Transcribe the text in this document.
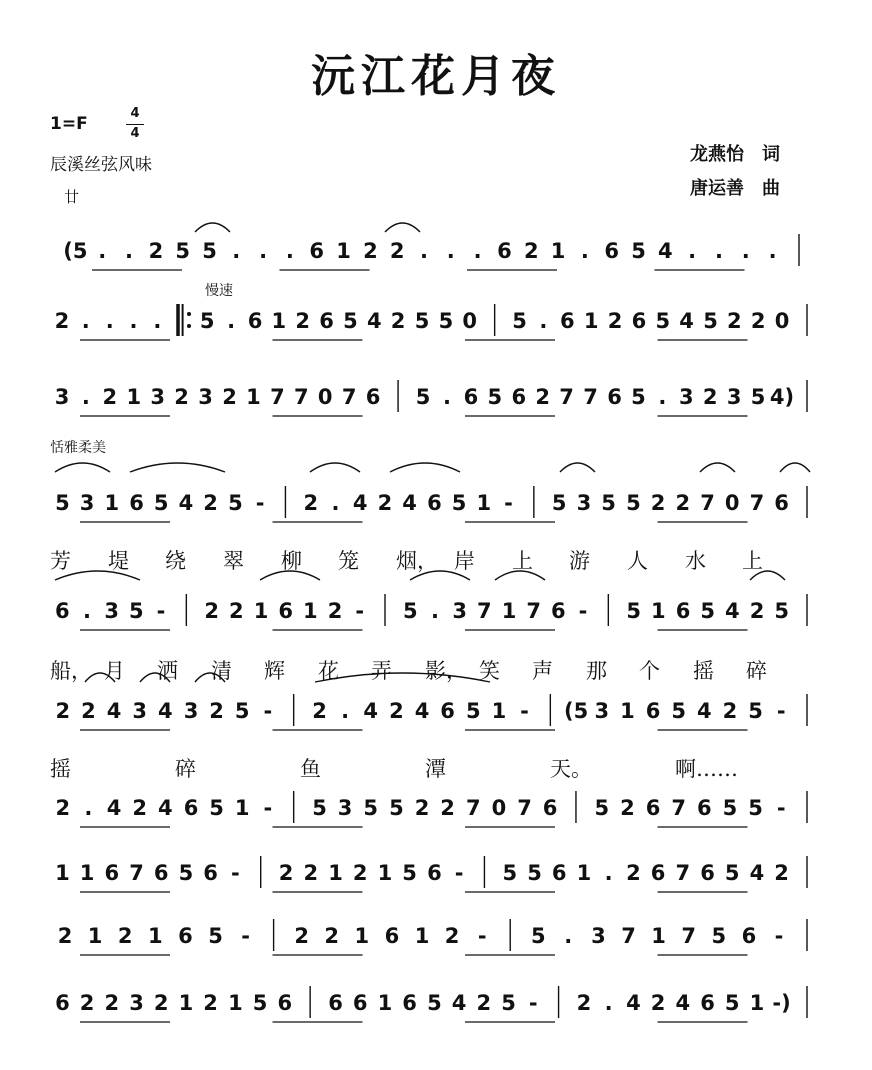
沅江花月夜
1=F
4
4
辰溪丝弦风味
廿
龙燕怡　词
唐运善　曲
慢速
恬雅柔美
(5 . . 2 5 5 . . . 6 1 2 2 . . . 6 2 1 . 6 5 4 . . . .
2 . . . . 5 . 6 1 2 6 5 4 2 5 5 0 5 . 6 1 2 6 5 4 5 2 2 0
3 . 2 1 3 2 3 2 1 7 7 0 7 6 5 . 6 5 6 2 7 7 6 5 . 3 2 3 5 4)
5 3 1 6 5 4 2 5 - 2 . 4 2 4 6 5 1 - 5 3 5 5 2 2 7 0 7 6
6 . 3 5 - 2 2 1 6 1 2 - 5 . 3 7 1 7 6 - 5 1 6 5 4 2 5
2 2 4 3 4 3 2 5 - 2 . 4 2 4 6 5 1 - (5 3 1 6 5 4 2 5 -
2 . 4 2 4 6 5 1 - 5 3 5 5 2 2 7 0 7 6 5 2 6 7 6 5 5 -
1 1 6 7 6 5 6 - 2 2 1 2 1 5 6 - 5 5 6 1 . 2 6 7 6 5 4 2
2 1 2 1 6 5 - 2 2 1 6 1 2 - 5 . 3 7 1 7 5 6 -
6 2 2 3 2 1 2 1 5 6 6 6 1 6 5 4 2 5 - 2 . 4 2 4 6 5 1 -)
芳 堤 绕 翠 柳 笼 烟， 岸 上 游 人 水 上
船， 月 洒 清 辉 花 弄 影， 笑 声 那 个 摇 碎
摇	碎	鱼	潭	天。	啊……
